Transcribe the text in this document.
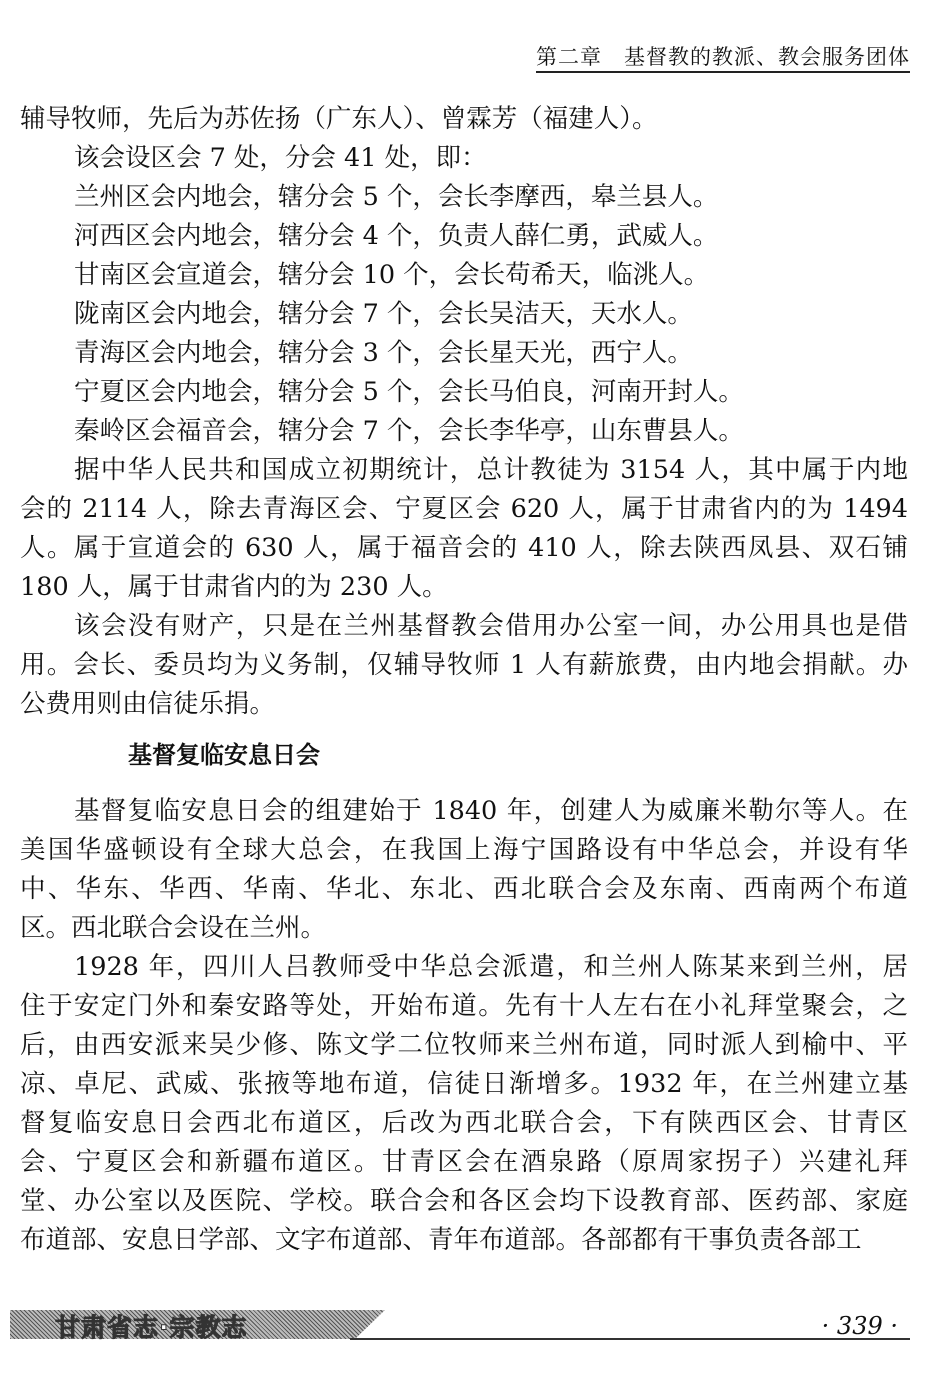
第二章 基督教的教派、教会服务团体
辅导牧师，先后为苏佐扬（广东人）、曾霖芳（福建人）。
该会设区会 7 处，分会 41 处，即：
兰州区会内地会，辖分会 5 个，会长李摩西，皋兰县人。
河西区会内地会，辖分会 4 个，负责人薛仁勇，武威人。
甘南区会宣道会，辖分会 10 个，会长苟希天，临洮人。
陇南区会内地会，辖分会 7 个，会长吴洁天，天水人。
青海区会内地会，辖分会 3 个，会长星天光，西宁人。
宁夏区会内地会，辖分会 5 个，会长马伯良，河南开封人。
秦岭区会福音会，辖分会 7 个，会长李华亭，山东曹县人。
据中华人民共和国成立初期统计，总计教徒为 3154 人，其中属于内地
会的 2114 人，除去青海区会、宁夏区会 620 人，属于甘肃省内的为 1494
人。属于宣道会的 630 人，属于福音会的 410 人，除去陕西凤县、双石铺
180 人，属于甘肃省内的为 230 人。
该会没有财产，只是在兰州基督教会借用办公室一间，办公用具也是借
用。会长、委员均为义务制，仅辅导牧师 1 人有薪旅费，由内地会捐献。办
公费用则由信徒乐捐。
基督复临安息日会
基督复临安息日会的组建始于 1840 年，创建人为威廉米勒尔等人。在
美国华盛顿设有全球大总会，在我国上海宁国路设有中华总会，并设有华
中、华东、华西、华南、华北、东北、西北联合会及东南、西南两个布道
区。西北联合会设在兰州。
1928 年，四川人吕教师受中华总会派遣，和兰州人陈某来到兰州，居
住于安定门外和秦安路等处，开始布道。先有十人左右在小礼拜堂聚会，之
后，由西安派来吴少修、陈文学二位牧师来兰州布道，同时派人到榆中、平
凉、卓尼、武威、张掖等地布道，信徒日渐增多。1932 年，在兰州建立基
督复临安息日会西北布道区，后改为西北联合会，下有陕西区会、甘青区
会、宁夏区会和新疆布道区。甘青区会在酒泉路（原周家拐子）兴建礼拜
堂、办公室以及医院、学校。联合会和各区会均下设教育部、医药部、家庭
布道部、安息日学部、文字布道部、青年布道部。各部都有干事负责各部工
甘肃省志·宗教志	· 339 ·
